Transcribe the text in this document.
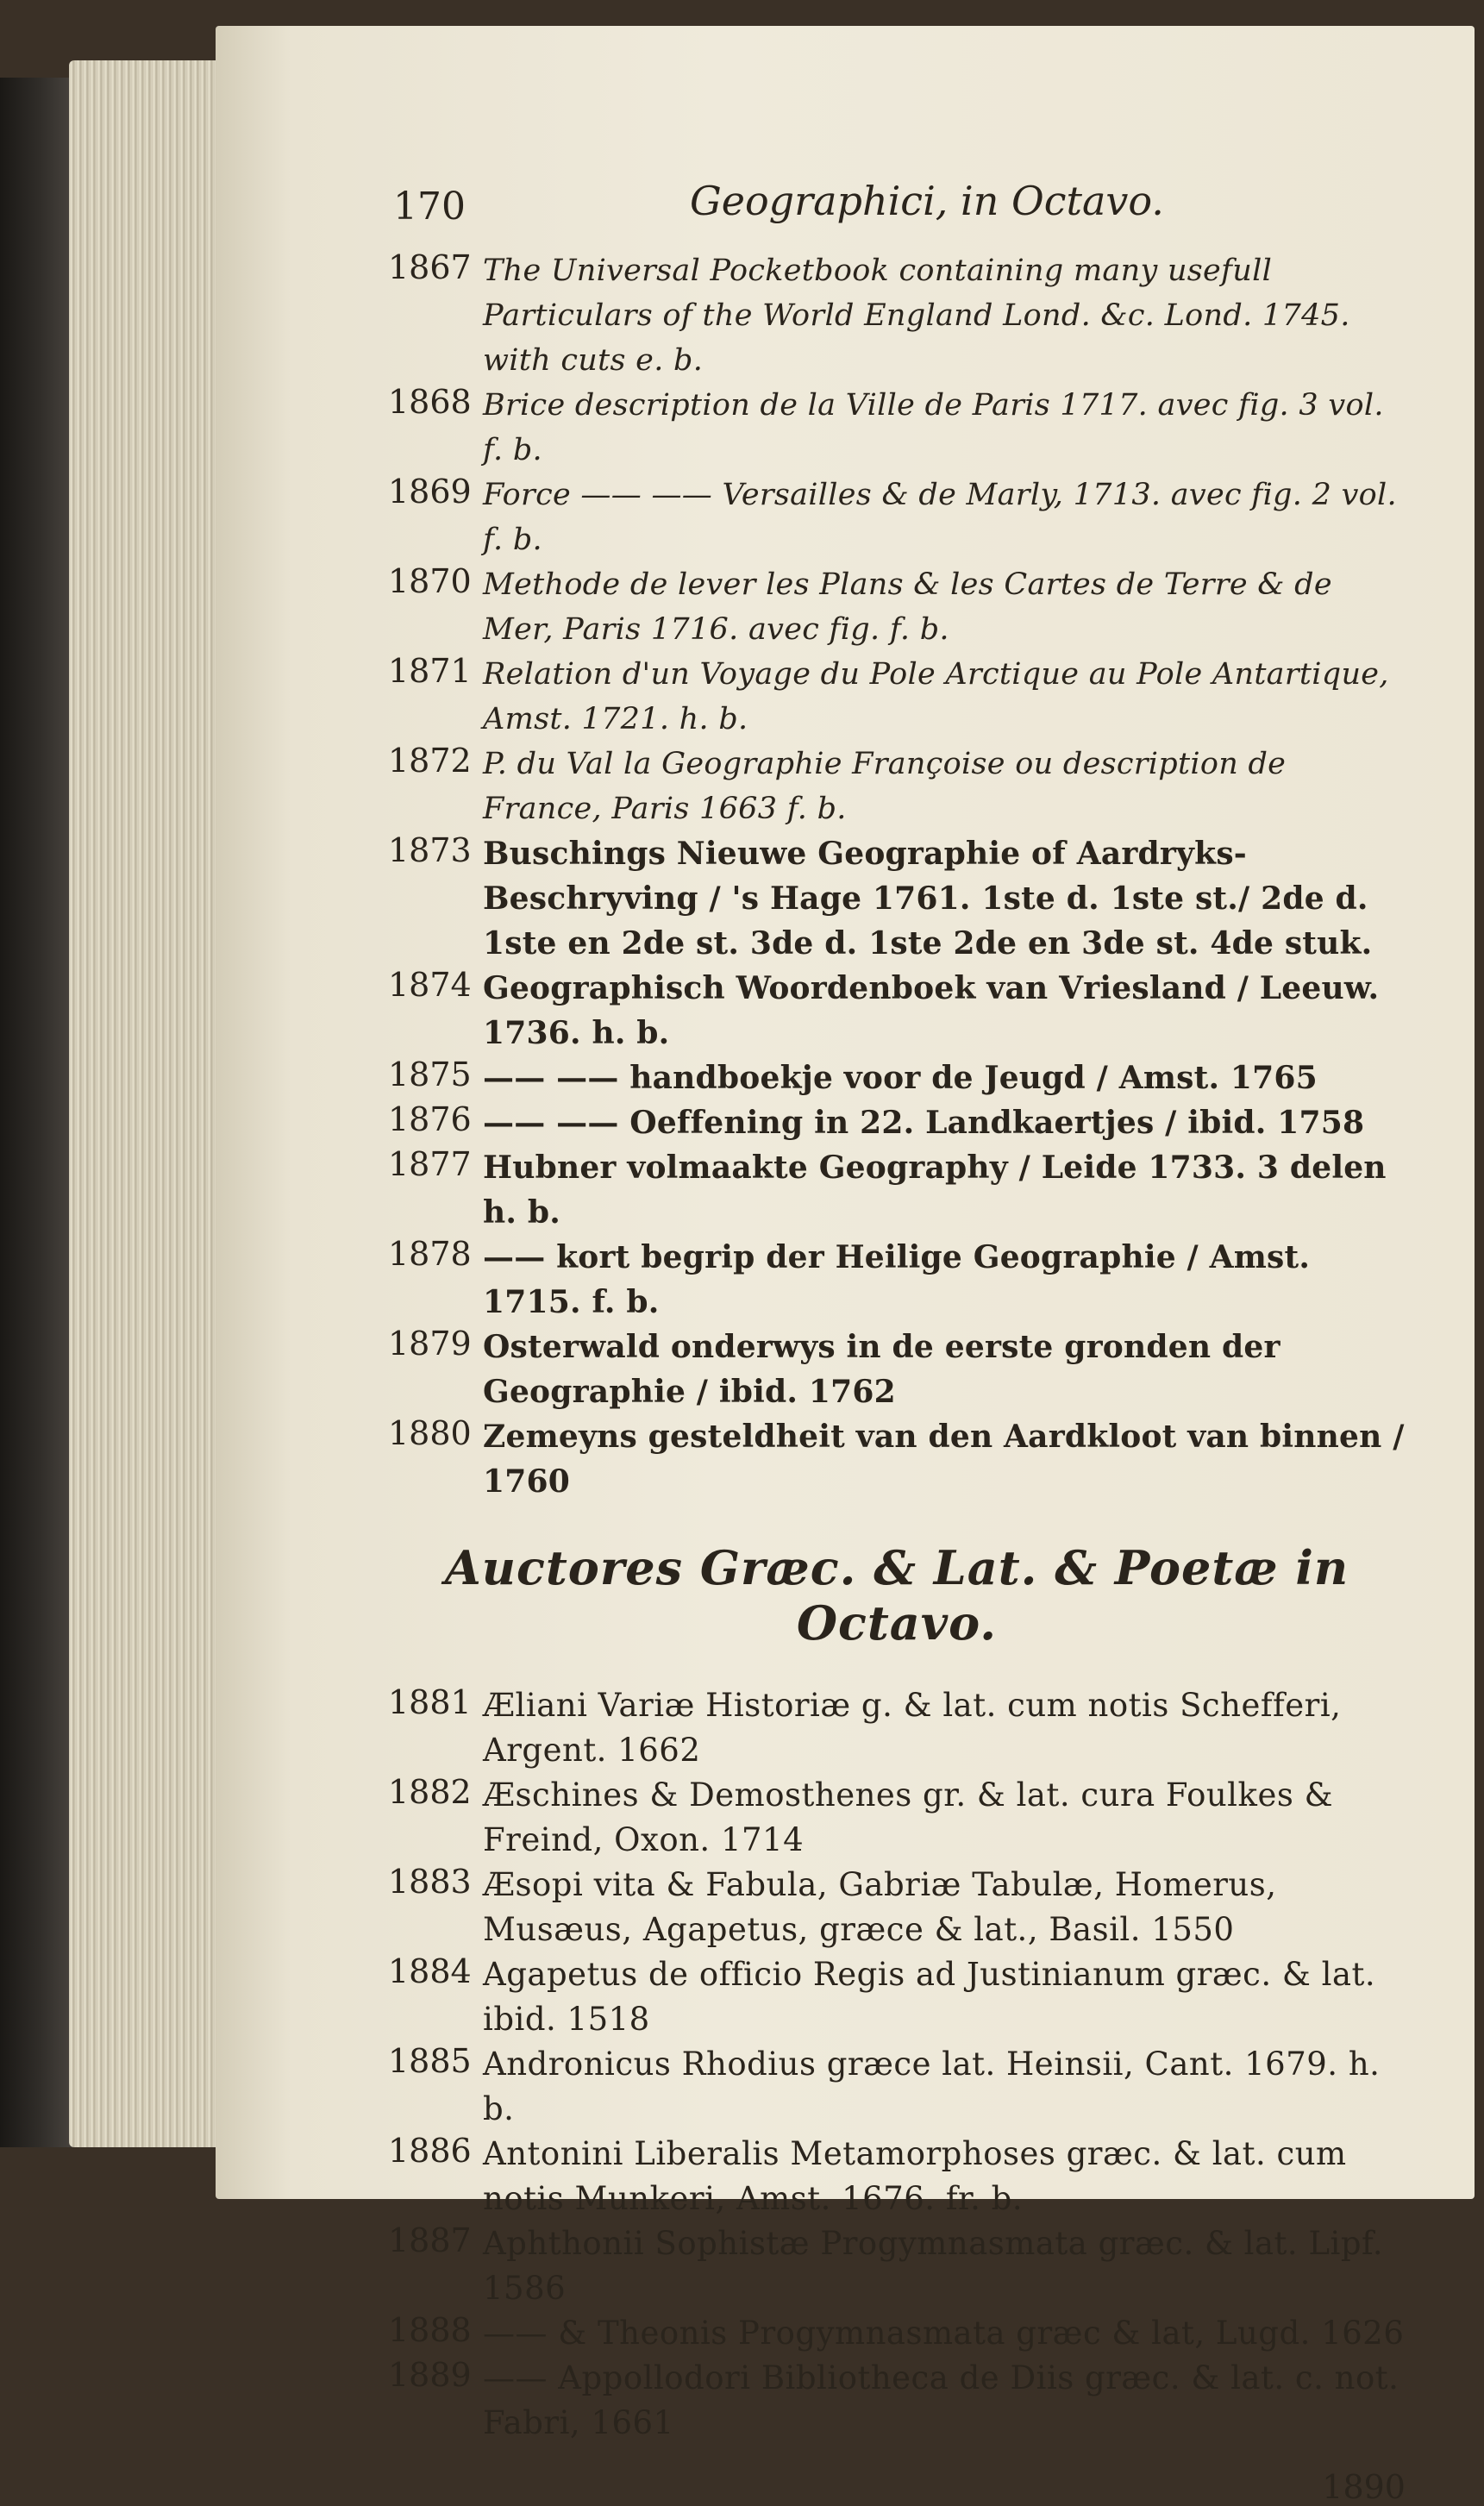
170	Geographici, in Octavo.
1867 The Universal Pocketbook containing many usefull Particulars of the World England Lond. &c. Lond. 1745. with cuts e. b.
1868 Brice description de la Ville de Paris 1717. avec fig. 3 vol. f. b.
1869 Force —— —— Versailles & de Marly, 1713. avec fig. 2 vol. f. b.
1870 Methode de lever les Plans & les Cartes de Terre & de Mer, Paris 1716. avec fig. f. b.
1871 Relation d'un Voyage du Pole Arctique au Pole Antartique, Amst. 1721. h. b.
1872 P. du Val la Geographie Françoise ou description de France, Paris 1663 f. b.
1873 Buschings Nieuwe Geographie of Aardryks-Beschryving / 's Hage 1761. 1ste d. 1ste st./ 2de d. 1ste en 2de st. 3de d. 1ste 2de en 3de st. 4de stuk.
1874 Geographisch Woordenboek van Vriesland / Leeuw. 1736. h. b.
1875 —— —— handboekje voor de Jeugd / Amst. 1765
1876 —— —— Oeffening in 22. Landkaertjes / ibid. 1758
1877 Hubner volmaakte Geography / Leide 1733. 3 delen h. b.
1878 —— kort begrip der Heilige Geographie / Amst. 1715. f. b.
1879 Osterwald onderwys in de eerste gronden der Geographie / ibid. 1762
1880 Zemeyns gesteldheit van den Aardkloot van binnen / 1760
Auctores Græc. & Lat. & Poetæ in Octavo.
1881 Æliani Variæ Historiæ g. & lat. cum notis Schefferi, Argent. 1662
1882 Æschines & Demosthenes gr. & lat. cura Foulkes & Freind, Oxon. 1714
1883 Æsopi vita & Fabula, Gabriæ Tabulæ, Homerus, Musæus, Agapetus, græce & lat., Basil. 1550
1884 Agapetus de officio Regis ad Justinianum græc. & lat. ibid. 1518
1885 Andronicus Rhodius græce lat. Heinsii, Cant. 1679. h. b.
1886 Antonini Liberalis Metamorphoses græc. & lat. cum notis Munkeri, Amst. 1676. fr. b.
1887 Aphthonii Sophistæ Progymnasmata græc. & lat. Lipf. 1586
1888 —— & Theonis Progymnasmata græc & lat, Lugd. 1626
1889 —— Appollodori Bibliotheca de Diis græc. & lat. c. not. Fabri, 1661
1890
